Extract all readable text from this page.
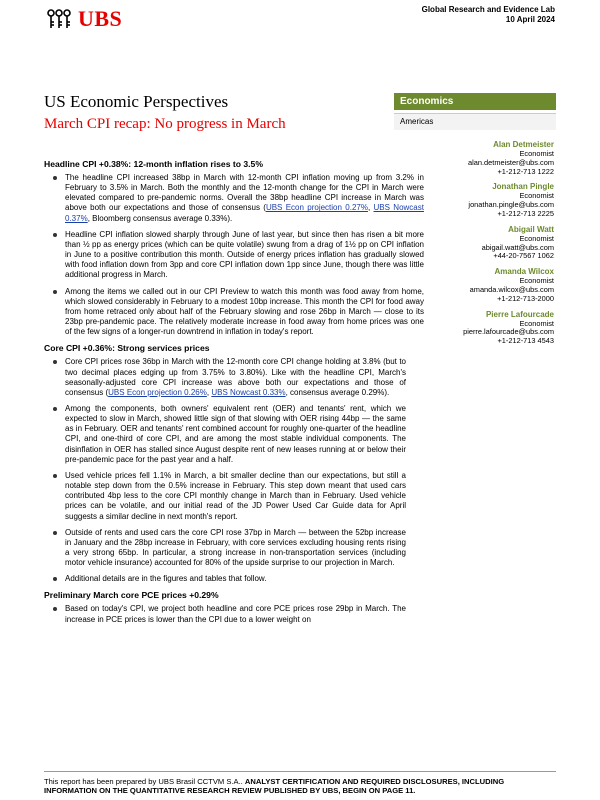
UBS	Global Research and Evidence Lab
10 April 2024
US Economic Perspectives
March CPI recap: No progress in March
Economics
Americas
Alan Detmeister
Economist
alan.detmeister@ubs.com
+1-212-713 1222
Jonathan Pingle
Economist
jonathan.pingle@ubs.com
+1-212-713 2225
Abigail Watt
Economist
abigail.watt@ubs.com
+44-20-7567 1062
Amanda Wilcox
Economist
amanda.wilcox@ubs.com
+1-212-713-2000
Pierre Lafourcade
Economist
pierre.lafourcade@ubs.com
+1-212-713 4543
Headline CPI +0.38%: 12-month inflation rises to 3.5%
The headline CPI increased 38bp in March with 12-month CPI inflation moving up from 3.2% in February to 3.5% in March. Both the monthly and the 12-month change for the CPI in March were elevated compared to pre-pandemic norms. Overall the 38bp headline CPI increase in March was above both our expectations and those of consensus (UBS Econ projection 0.27%, UBS Nowcast 0.37%, Bloomberg consensus average 0.33%).
Headline CPI inflation slowed sharply through June of last year, but since then has risen a bit more than ½ pp as energy prices (which can be quite volatile) swung from a drag of 1½ pp on CPI inflation in June to a positive contribution this month. Outside of energy prices inflation has gradually slowed with food inflation down from 3pp and core CPI inflation down 1pp since June, though there was little additional progress in March.
Among the items we called out in our CPI Preview to watch this month was food away from home, which slowed considerably in February to a modest 10bp increase. This month the CPI for food away from home retraced only about half of the February slowing and rose 26bp in March — close to its 23bp pre-pandemic pace. The relatively moderate increase in food away from home prices was one of the few signs of a longer-run downtrend in inflation in today's report.
Core CPI +0.36%: Strong services prices
Core CPI prices rose 36bp in March with the 12-month core CPI change holding at 3.8% (but to two decimal places edging up from 3.75% to 3.80%). Like with the headline CPI, March's seasonally-adjusted core CPI increase was above both our expectations and those of consensus (UBS Econ projection 0.26%, UBS Nowcast 0.33%, consensus average 0.29%).
Among the components, both owners' equivalent rent (OER) and tenants' rent, which we expected to slow in March, showed little sign of that slowing with OER rising 44bp — the same as in February. OER and tenants' rent combined account for roughly one-quarter of the headline CPI, and one-third of core CPI, and are among the most stable individual components. The disinflation in OER has stalled since August despite rent of new leases running at or below their pre-pandemic pace for the past year and a half.
Used vehicle prices fell 1.1% in March, a bit smaller decline than our expectations, but still a notable step down from the 0.5% increase in February. This step down meant that used cars contributed 4bp less to the core CPI monthly change in March than in February. Used vehicle prices can be volatile, and our initial read of the JD Power Used Car Guide data for April suggests a similar decline in next month's report.
Outside of rents and used cars the core CPI rose 37bp in March — between the 52bp increase in January and the 28bp increase in February, with core services excluding housing rents rising a very strong 65bp. In particular, a strong increase in non-transportation services (including motor vehicle insurance) accounted for 80% of the upside surprise to our projection in March.
Additional details are in the figures and tables that follow.
Preliminary March core PCE prices +0.29%
Based on today's CPI, we project both headline and core PCE prices rose 29bp in March. The increase in PCE prices is lower than the CPI due to a lower weight on
This report has been prepared by UBS Brasil CCTVM S.A.. ANALYST CERTIFICATION AND REQUIRED DISCLOSURES, INCLUDING INFORMATION ON THE QUANTITATIVE RESEARCH REVIEW PUBLISHED BY UBS, BEGIN ON PAGE 11.
